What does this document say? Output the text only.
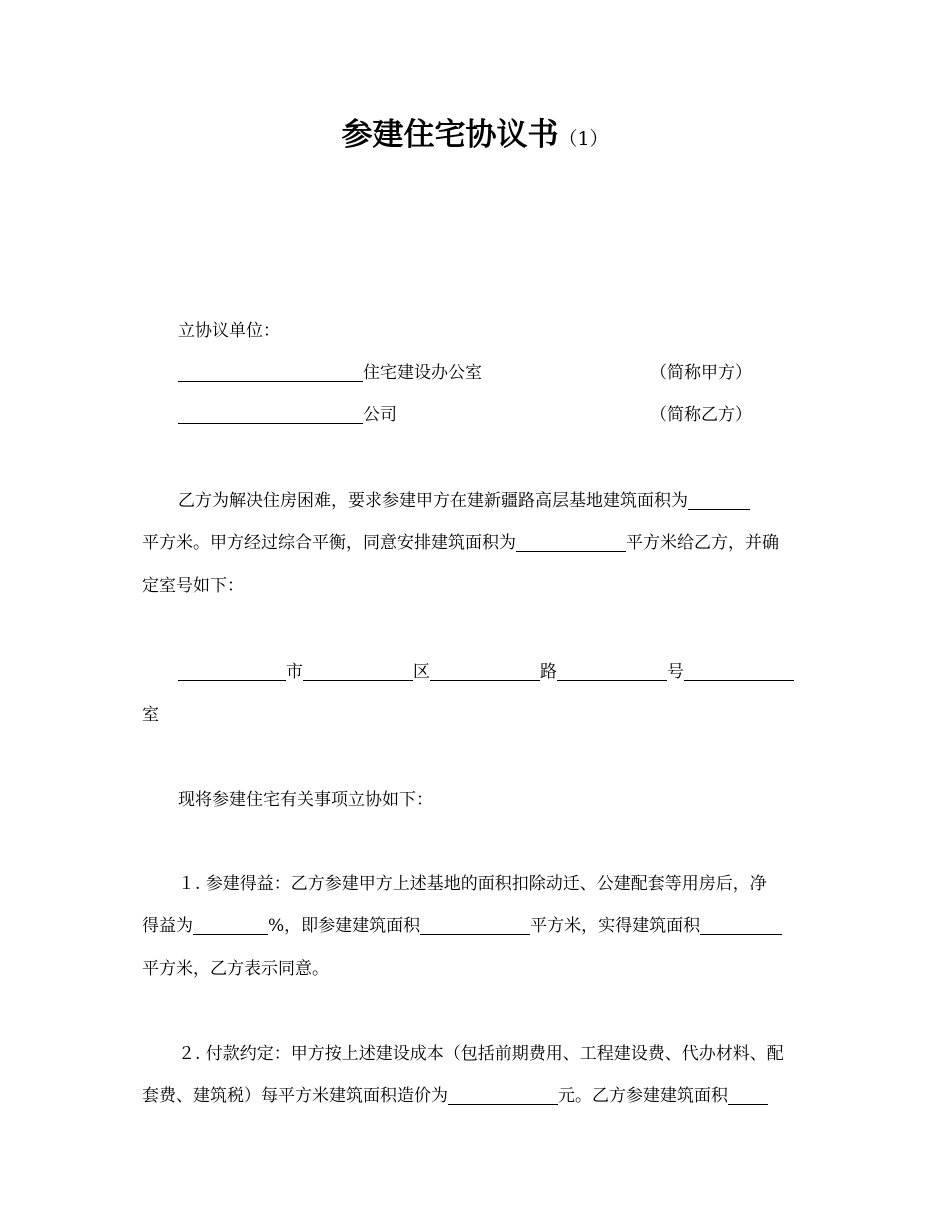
参建住宅协议书（1）
立协议单位：
住宅建设办公室	（简称甲方）
公司	（简称乙方）
乙方为解决住房困难，要求参建甲方在建新疆路高层基地建筑面积为
平方米。甲方经过综合平衡，同意安排建筑面积为	平方米给乙方，并确
定室号如下：
市	区	路	号
室
现将参建住宅有关事项立协如下：
１. 参建得益：乙方参建甲方上述基地的面积扣除动迁、公建配套等用房后，净
得益为	%，即参建建筑面积	平方米，实得建筑面积
平方米，乙方表示同意。
２. 付款约定：甲方按上述建设成本（包括前期费用、工程建设费、代办材料、配
套费、建筑税）每平方米建筑面积造价为	元。乙方参建建筑面积
